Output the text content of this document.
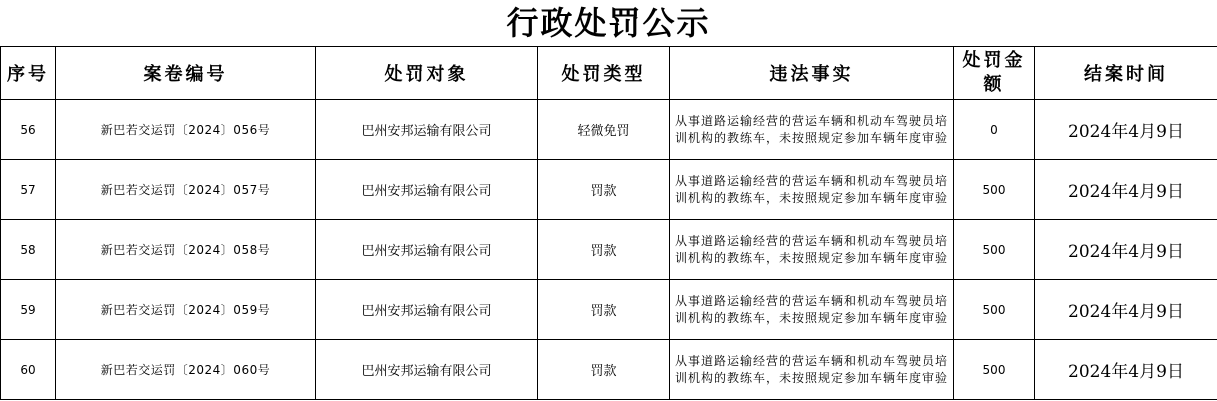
行政处罚公示
序号	案卷编号	处罚对象	处罚类型	违法事实	处罚金额	结案时间
56	新巴若交运罚〔2024〕056号	巴州安邦运输有限公司	轻微免罚	从事道路运输经营的营运车辆和机动车驾驶员培训机构的教练车，未按照规定参加车辆年度审验	0	2024年4月9日
57	新巴若交运罚〔2024〕057号	巴州安邦运输有限公司	罚款	从事道路运输经营的营运车辆和机动车驾驶员培训机构的教练车，未按照规定参加车辆年度审验	500	2024年4月9日
58	新巴若交运罚〔2024〕058号	巴州安邦运输有限公司	罚款	从事道路运输经营的营运车辆和机动车驾驶员培训机构的教练车，未按照规定参加车辆年度审验	500	2024年4月9日
59	新巴若交运罚〔2024〕059号	巴州安邦运输有限公司	罚款	从事道路运输经营的营运车辆和机动车驾驶员培训机构的教练车，未按照规定参加车辆年度审验	500	2024年4月9日
60	新巴若交运罚〔2024〕060号	巴州安邦运输有限公司	罚款	从事道路运输经营的营运车辆和机动车驾驶员培训机构的教练车，未按照规定参加车辆年度审验	500	2024年4月9日
